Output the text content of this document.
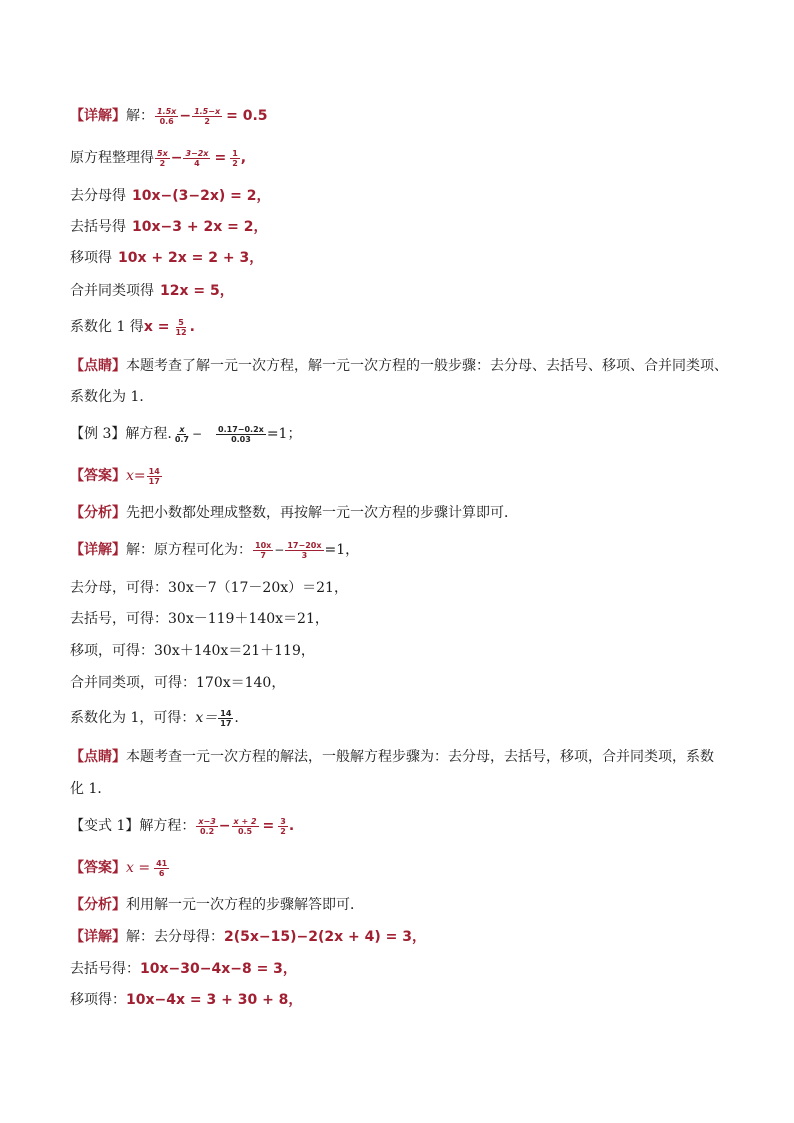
【详解】 解： $\frac{1.5x}{0.6} - \frac{1.5-x}{2} = 0.5$
原方程整理得 $\frac{5x}{2} - \frac{3-2x}{4} = \frac{1}{2}$ ,
去分母得 10x−(3−2x) = 2，
去括号得 10x−3 + 2x = 2，
移项得 10x + 2x = 2 + 3，
合并同类项得 12x = 5，
系数化 1 得 $x = \frac{5}{12}$ .
【点睛】 本题考查了解一元一次方程，解一元一次方程的一般步骤：去分母、去括号、移项、合并同类项、
系数化为 1．
【例 3】解方程. $\frac{x}{0.7} - \frac{0.17-0.2x}{0.03} =1$；
【答案】 $x= \frac{14}{17}$
【分析】 先把小数都处理成整数，再按解一元一次方程的步骤计算即可．
【详解】 解：原方程可化为： $\frac{10x}{7} - \frac{17-20x}{3} =1$，
去分母，可得： 30x－7（17－20x）＝21，
去括号，可得： 30x－119＋140x＝21，
移项，可得： 30x＋140x＝21＋119，
合并同类项，可得： 170x＝140，
系数化为 1，可得： $x= \frac{14}{17}$ .
【点睛】 本题考查一元一次方程的解法，一般解方程步骤为：去分母，去括号，移项，合并同类项，系数
化 1．
【变式 1】解方程： $\frac{x-3}{0.2} - \frac{x + 2}{0.5} = \frac{3}{2}$ .
【答案】 $x = \frac{41}{6}$
【分析】 利用解一元一次方程的步骤解答即可．
【详解】 解：去分母得： 2(5x−15)−2(2x + 4) = 3，
去括号得： 10x−30−4x−8 = 3，
移项得： 10x−4x = 3 + 30 + 8，
